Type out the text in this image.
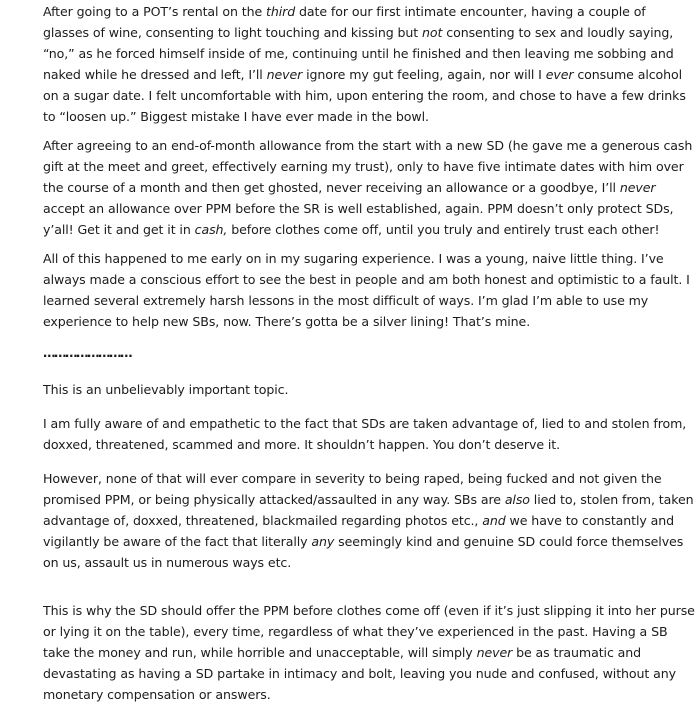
After going to a POT’s rental on the third date for our first intimate encounter, having a couple of glasses of wine, consenting to light touching and kissing but not consenting to sex and loudly saying, “no,” as he forced himself inside of me, continuing until he finished and then leaving me sobbing and naked while he dressed and left, I’ll never ignore my gut feeling, again, nor will I ever consume alcohol on a sugar date. I felt uncomfortable with him, upon entering the room, and chose to have a few drinks to “loosen up.” Biggest mistake I have ever made in the bowl.

After agreeing to an end-of-month allowance from the start with a new SD (he gave me a generous cash gift at the meet and greet, effectively earning my trust), only to have five intimate dates with him over the course of a month and then get ghosted, never receiving an allowance or a goodbye, I’ll never accept an allowance over PPM before the SR is well established, again. PPM doesn’t only protect SDs, y’all! Get it and get it in cash, before clothes come off, until you truly and entirely trust each other!

All of this happened to me early on in my sugaring experience. I was a young, naive little thing. I’ve always made a conscious effort to see the best in people and am both honest and optimistic to a fault. I learned several extremely harsh lessons in the most difficult of ways. I’m glad I’m able to use my experience to help new SBs, now. There’s gotta be a silver lining! That’s mine.

……………………

This is an unbelievably important topic.

I am fully aware of and empathetic to the fact that SDs are taken advantage of, lied to and stolen from, doxxed, threatened, scammed and more. It shouldn’t happen. You don’t deserve it.

However, none of that will ever compare in severity to being raped, being fucked and not given the promised PPM, or being physically attacked/assaulted in any way. SBs are also lied to, stolen from, taken advantage of, doxxed, threatened, blackmailed regarding photos etc., and we have to constantly and vigilantly be aware of the fact that literally any seemingly kind and genuine SD could force themselves on us, assault us in numerous ways etc.

This is why the SD should offer the PPM before clothes come off (even if it’s just slipping it into her purse or lying it on the table), every time, regardless of what they’ve experienced in the past. Having a SB take the money and run, while horrible and unacceptable, will simply never be as traumatic and devastating as having a SD partake in intimacy and bolt, leaving you nude and confused, without any monetary compensation or answers.
